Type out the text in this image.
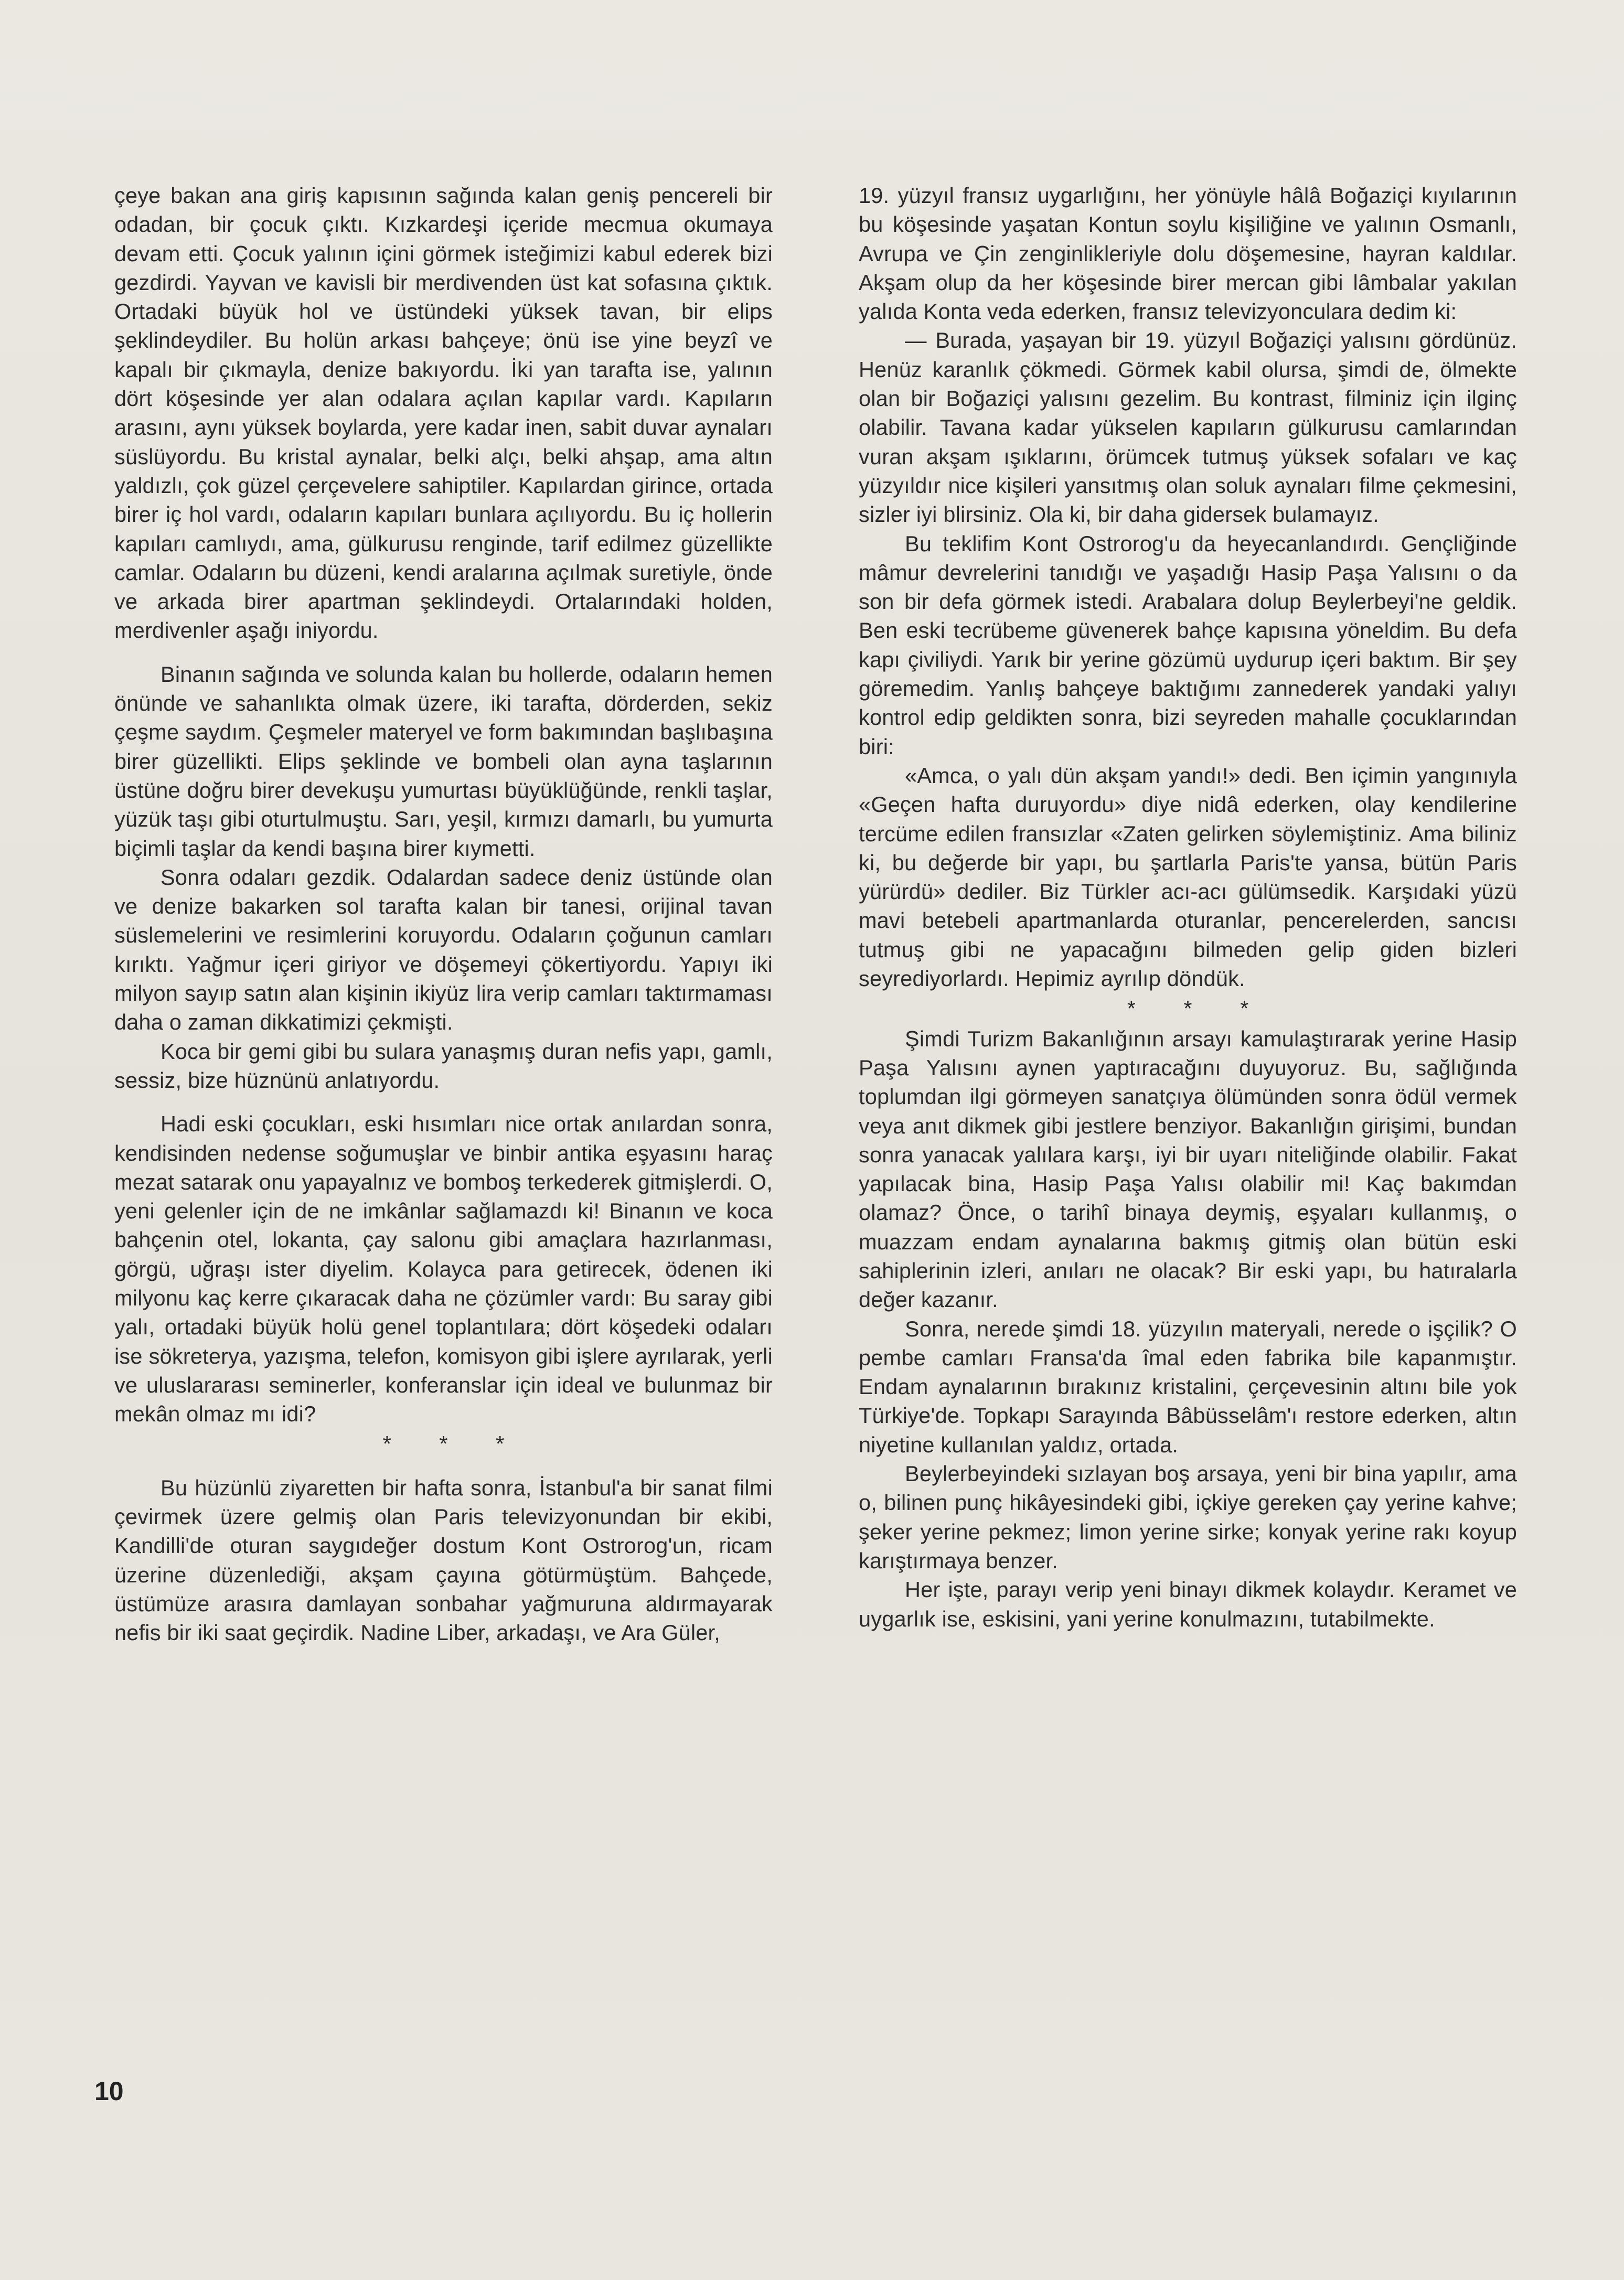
çeye bakan ana giriş kapısının sağında kalan geniş pencereli bir odadan, bir çocuk çıktı. Kızkardeşi içeride mecmua okumaya devam etti. Çocuk yalının içini görmek isteğimizi kabul ederek bizi gezdirdi. Yayvan ve kavisli bir merdivenden üst kat sofasına çıktık. Ortadaki büyük hol ve üstündeki yüksek tavan, bir elips şeklindeydiler. Bu holün arkası bahçeye; önü ise yine beyzî ve kapalı bir çıkmayla, denize bakıyordu. İki yan tarafta ise, yalının dört köşesinde yer alan odalara açılan kapılar vardı. Kapıların arasını, aynı yüksek boylarda, yere kadar inen, sabit duvar aynaları süslüyordu. Bu kristal aynalar, belki alçı, belki ahşap, ama altın yaldızlı, çok güzel çerçevelere sahiptiler. Kapılardan girince, ortada birer iç hol vardı, odaların kapıları bunlara açılıyordu. Bu iç hollerin kapıları camlıydı, ama, gülkurusu renginde, tarif edilmez güzellikte camlar. Odaların bu düzeni, kendi aralarına açılmak suretiyle, önde ve arkada birer apartman şeklindeydi. Ortalarındaki holden, merdivenler aşağı iniyordu.

Binanın sağında ve solunda kalan bu hollerde, odaların hemen önünde ve sahanlıkta olmak üzere, iki tarafta, dörderden, sekiz çeşme saydım. Çeşmeler materyel ve form bakımından başlıbaşına birer güzellikti. Elips şeklinde ve bombeli olan ayna taşlarının üstüne doğru birer devekuşu yumurtası büyüklüğünde, renkli taşlar, yüzük taşı gibi oturtulmuştu. Sarı, yeşil, kırmızı damarlı, bu yumurta biçimli taşlar da kendi başına birer kıymetti.

Sonra odaları gezdik. Odalardan sadece deniz üstünde olan ve denize bakarken sol tarafta kalan bir tanesi, orijinal tavan süslemelerini ve resimlerini koruyordu. Odaların çoğunun camları kırıktı. Yağmur içeri giriyor ve döşemeyi çökertiyordu. Yapıyı iki milyon sayıp satın alan kişinin ikiyüz lira verip camları taktırmaması daha o zaman dikkatimizi çekmişti.

Koca bir gemi gibi bu sulara yanaşmış duran nefis yapı, gamlı, sessiz, bize hüznünü anlatıyordu.

Hadi eski çocukları, eski hısımları nice ortak anılardan sonra, kendisinden nedense soğumuşlar ve binbir antika eşyasını haraç mezat satarak onu yapayalnız ve bomboş terkederek gitmişlerdi. O, yeni gelenler için de ne imkânlar sağlamazdı ki! Binanın ve koca bahçenin otel, lokanta, çay salonu gibi amaçlara hazırlanması, görgü, uğraşı ister diyelim. Kolayca para getirecek, ödenen iki milyonu kaç kerre çıkaracak daha ne çözümler vardı: Bu saray gibi yalı, ortadaki büyük holü genel toplantılara; dört köşedeki odaları ise sökreterya, yazışma, telefon, komisyon gibi işlere ayrılarak, yerli ve uluslararası seminerler, konferanslar için ideal ve bulunmaz bir mekân olmaz mı idi?

* * *

Bu hüzünlü ziyaretten bir hafta sonra, İstanbul'a bir sanat filmi çevirmek üzere gelmiş olan Paris televizyonundan bir ekibi, Kandilli'de oturan saygıdeğer dostum Kont Ostrorog'un, ricam üzerine düzenlediği, akşam çayına götürmüştüm. Bahçede, üstümüze arasıra damlayan sonbahar yağmuruna aldırmayarak nefis bir iki saat geçirdik. Nadine Liber, arkadaşı, ve Ara Güler,

19. yüzyıl fransız uygarlığını, her yönüyle hâlâ Boğaziçi kıyılarının bu köşesinde yaşatan Kontun soylu kişiliğine ve yalının Osmanlı, Avrupa ve Çin zenginlikleriyle dolu döşemesine, hayran kaldılar. Akşam olup da her köşesinde birer mercan gibi lâmbalar yakılan yalıda Konta veda ederken, fransız televizyonculara dedim ki:

— Burada, yaşayan bir 19. yüzyıl Boğaziçi yalısını gördünüz. Henüz karanlık çökmedi. Görmek kabil olursa, şimdi de, ölmekte olan bir Boğaziçi yalısını gezelim. Bu kontrast, filminiz için ilginç olabilir. Tavana kadar yükselen kapıların gülkurusu camlarından vuran akşam ışıklarını, örümcek tutmuş yüksek sofaları ve kaç yüzyıldır nice kişileri yansıtmış olan soluk aynaları filme çekmesini, sizler iyi blirsiniz. Ola ki, bir daha gidersek bulamayız.

Bu teklifim Kont Ostrorog'u da heyecanlandırdı. Gençliğinde mâmur devrelerini tanıdığı ve yaşadığı Hasip Paşa Yalısını o da son bir defa görmek istedi. Arabalara dolup Beylerbeyi'ne geldik. Ben eski tecrübeme güvenerek bahçe kapısına yöneldim. Bu defa kapı çiviliydi. Yarık bir yerine gözümü uydurup içeri baktım. Bir şey göremedim. Yanlış bahçeye baktığımı zannederek yandaki yalıyı kontrol edip geldikten sonra, bizi seyreden mahalle çocuklarından biri:

«Amca, o yalı dün akşam yandı!» dedi. Ben içimin yangınıyla «Geçen hafta duruyordu» diye nidâ ederken, olay kendilerine tercüme edilen fransızlar «Zaten gelirken söylemiştiniz. Ama biliniz ki, bu değerde bir yapı, bu şartlarla Paris'te yansa, bütün Paris yürürdü» dediler. Biz Türkler acı-acı gülümsedik. Karşıdaki yüzü mavi betebeli apartmanlarda oturanlar, pencerelerden, sancısı tutmuş gibi ne yapacağını bilmeden gelip giden bizleri seyrediyorlardı. Hepimiz ayrılıp döndük.

* * *

Şimdi Turizm Bakanlığının arsayı kamulaştırarak yerine Hasip Paşa Yalısını aynen yaptıracağını duyuyoruz. Bu, sağlığında toplumdan ilgi görmeyen sanatçıya ölümünden sonra ödül vermek veya anıt dikmek gibi jestlere benziyor. Bakanlığın girişimi, bundan sonra yanacak yalılara karşı, iyi bir uyarı niteliğinde olabilir. Fakat yapılacak bina, Hasip Paşa Yalısı olabilir mi! Kaç bakımdan olamaz? Önce, o tarihî binaya deymiş, eşyaları kullanmış, o muazzam endam aynalarına bakmış gitmiş olan bütün eski sahiplerinin izleri, anıları ne olacak? Bir eski yapı, bu hatıralarla değer kazanır.

Sonra, nerede şimdi 18. yüzyılın materyali, nerede o işçilik? O pembe camları Fransa'da îmal eden fabrika bile kapanmıştır. Endam aynalarının bırakınız kristalini, çerçevesinin altını bile yok Türkiye'de. Topkapı Sarayında Bâbüsselâm'ı restore ederken, altın niyetine kullanılan yaldız, ortada.

Beylerbeyindeki sızlayan boş arsaya, yeni bir bina yapılır, ama o, bilinen punç hikâyesindeki gibi, içkiye gereken çay yerine kahve; şeker yerine pekmez; limon yerine sirke; konyak yerine rakı koyup karıştırmaya benzer.

Her işte, parayı verip yeni binayı dikmek kolaydır. Keramet ve uygarlık ise, eskisini, yani yerine konulmazını, tutabilmekte.

10
